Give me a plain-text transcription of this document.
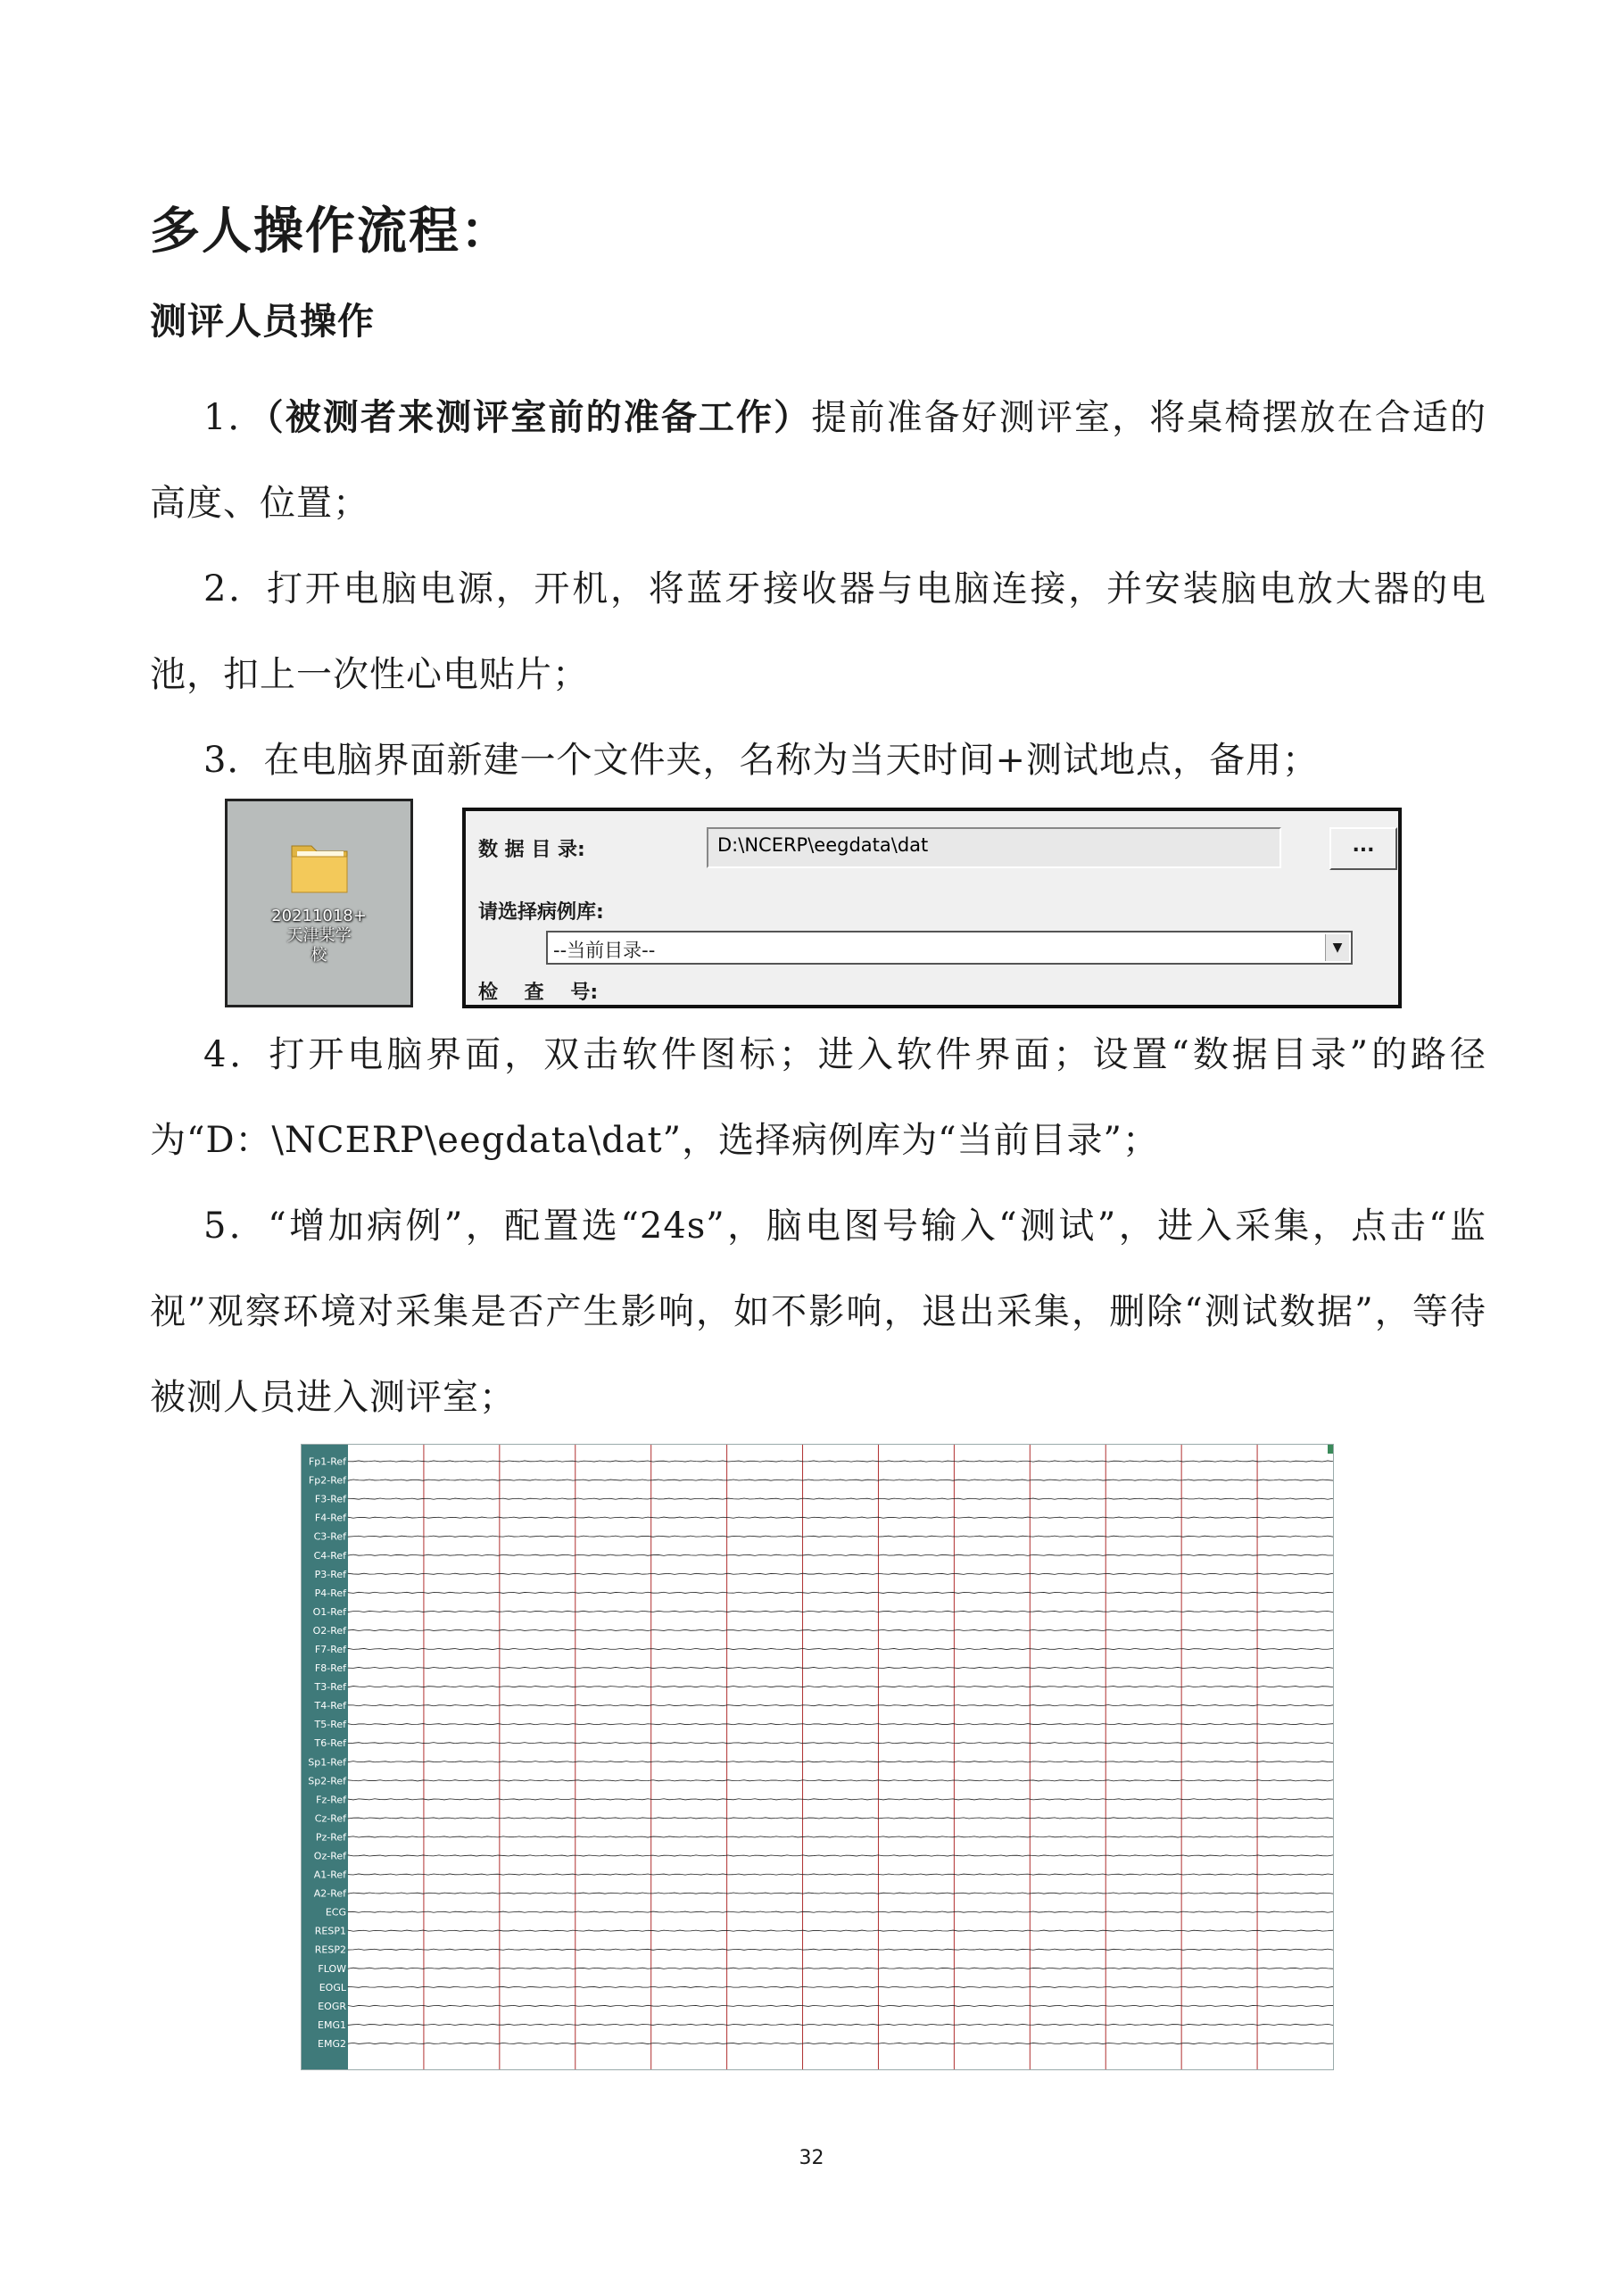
多人操作流程：
测评人员操作

1．（被测者来测评室前的准备工作）提前准备好测评室，将桌椅摆放在合适的高度、位置；

2．打开电脑电源，开机，将蓝牙接收器与电脑连接，并安装脑电放大器的电池，扣上一次性心电贴片；

3．在电脑界面新建一个文件夹，名称为当天时间+测试地点，备用；

20211018+
天津某学
校
数 据 目 录:	D:\NCERP\eegdata\dat	...
请选择病例库:
--当前目录--	▼
检　 查　 号:

4．打开电脑界面，双击软件图标；进入软件界面；设置“数据目录”的路径为“D：\NCERP\eegdata\dat”，选择病例库为“当前目录”；

5．“增加病例”，配置选“24s”，脑电图号输入“测试”，进入采集，点击“监视”观察环境对采集是否产生影响，如不影响，退出采集，删除“测试数据”，等待被测人员进入测评室；

Fp1-Ref
Fp2-Ref
F3-Ref
F4-Ref
C3-Ref
C4-Ref
P3-Ref
P4-Ref
O1-Ref
O2-Ref
F7-Ref
F8-Ref
T3-Ref
T4-Ref
T5-Ref
T6-Ref
Sp1-Ref
Sp2-Ref
Fz-Ref
Cz-Ref
Pz-Ref
Oz-Ref
A1-Ref
A2-Ref
ECG
RESP1
RESP2
FLOW
EOGL
EOGR
EMG1
EMG2
32
